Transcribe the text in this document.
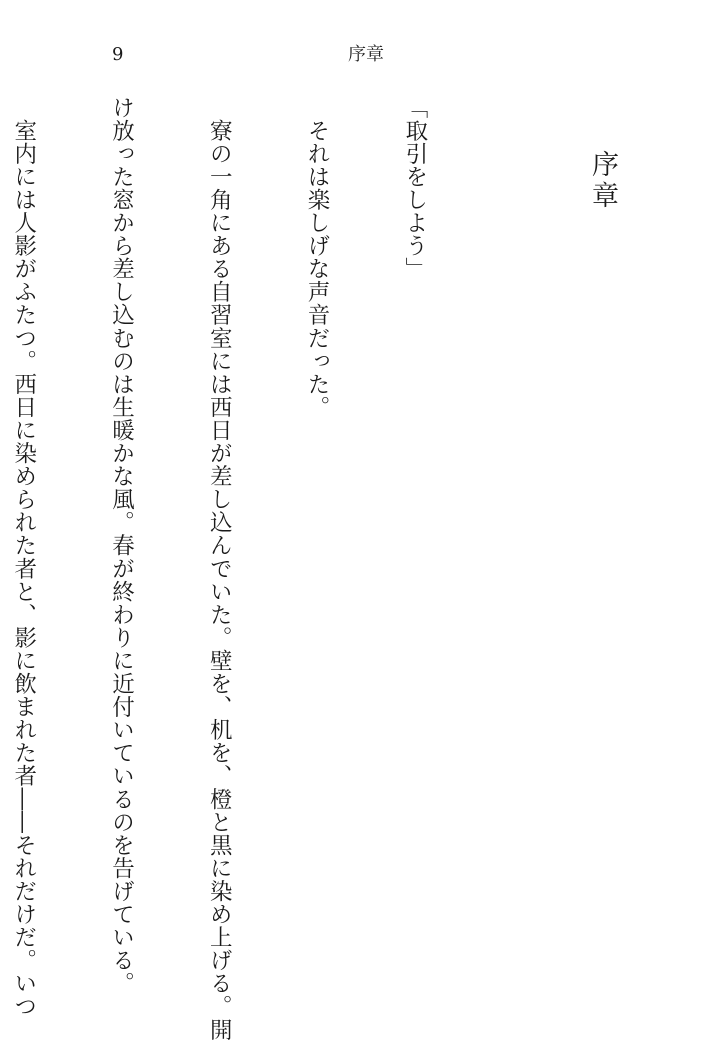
9	序章
序章

「取引をしよう」

　それは楽しげな声音だった。

　寮の一角にある自習室には西日が差し込んでいた。壁を、机を、橙と黒に染め上げる。開

け放った窓から差し込むのは生暖かな風。春が終わりに近付いているのを告げている。

　室内には人影がふたつ。西日に染められた者と、影に飲まれた者――それだけだ。いつ
